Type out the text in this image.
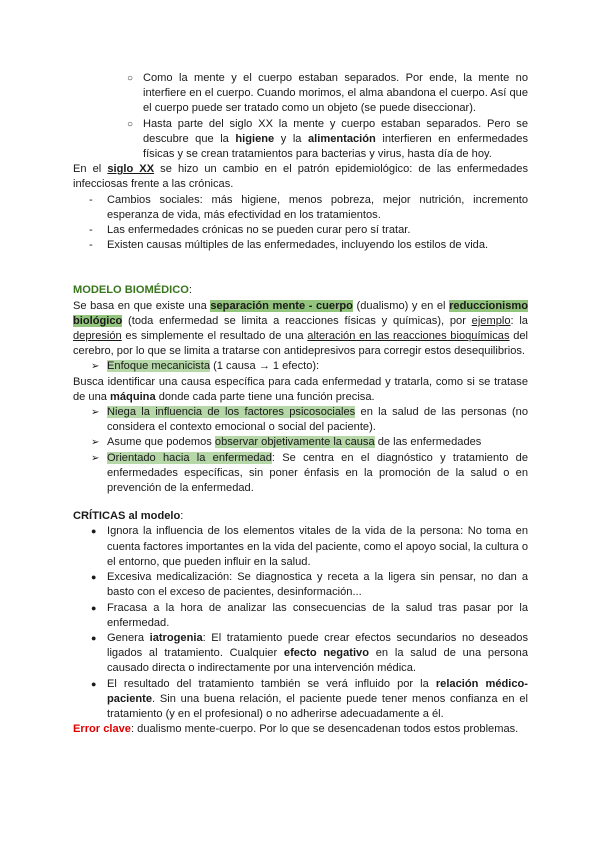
○ Como la mente y el cuerpo estaban separados. Por ende, la mente no interfiere en el cuerpo. Cuando morimos, el alma abandona el cuerpo. Así que el cuerpo puede ser tratado como un objeto (se puede diseccionar).
○ Hasta parte del siglo XX la mente y cuerpo estaban separados. Pero se descubre que la higiene y la alimentación interfieren en enfermedades físicas y se crean tratamientos para bacterias y virus, hasta día de hoy.

En el siglo XX se hizo un cambio en el patrón epidemiológico: de las enfermedades infecciosas frente a las crónicas.

- Cambios sociales: más higiene, menos pobreza, mejor nutrición, incremento esperanza de vida, más efectividad en los tratamientos.
- Las enfermedades crónicas no se pueden curar pero sí tratar.
- Existen causas múltiples de las enfermedades, incluyendo los estilos de vida.

MODELO BIOMÉDICO:

Se basa en que existe una separación mente - cuerpo (dualismo) y en el reduccionismo biológico (toda enfermedad se limita a reacciones físicas y químicas), por ejemplo: la depresión es simplemente el resultado de una alteración en las reacciones bioquímicas del cerebro, por lo que se limita a tratarse con antidepresivos para corregir estos desequilibrios.

➢ Enfoque mecanicista (1 causa → 1 efecto):

Busca identificar una causa específica para cada enfermedad y tratarla, como si se tratase de una máquina donde cada parte tiene una función precisa.

➢ Niega la influencia de los factores psicosociales en la salud de las personas (no considera el contexto emocional o social del paciente).
➢ Asume que podemos observar objetivamente la causa de las enfermedades
➢ Orientado hacia la enfermedad: Se centra en el diagnóstico y tratamiento de enfermedades específicas, sin poner énfasis en la promoción de la salud o en prevención de la enfermedad.

CRÍTICAS al modelo:

● Ignora la influencia de los elementos vitales de la vida de la persona: No toma en cuenta factores importantes en la vida del paciente, como el apoyo social, la cultura o el entorno, que pueden influir en la salud.
● Excesiva medicalización: Se diagnostica y receta a la ligera sin pensar, no dan a basto con el exceso de pacientes, desinformación...
● Fracasa a la hora de analizar las consecuencias de la salud tras pasar por la enfermedad.
● Genera iatrogenia: El tratamiento puede crear efectos secundarios no deseados ligados al tratamiento. Cualquier efecto negativo en la salud de una persona causado directa o indirectamente por una intervención médica.
● El resultado del tratamiento también se verá influido por la relación médico-paciente. Sin una buena relación, el paciente puede tener menos confianza en el tratamiento (y en el profesional) o no adherirse adecuadamente a él.

Error clave: dualismo mente-cuerpo. Por lo que se desencadenan todos estos problemas.
